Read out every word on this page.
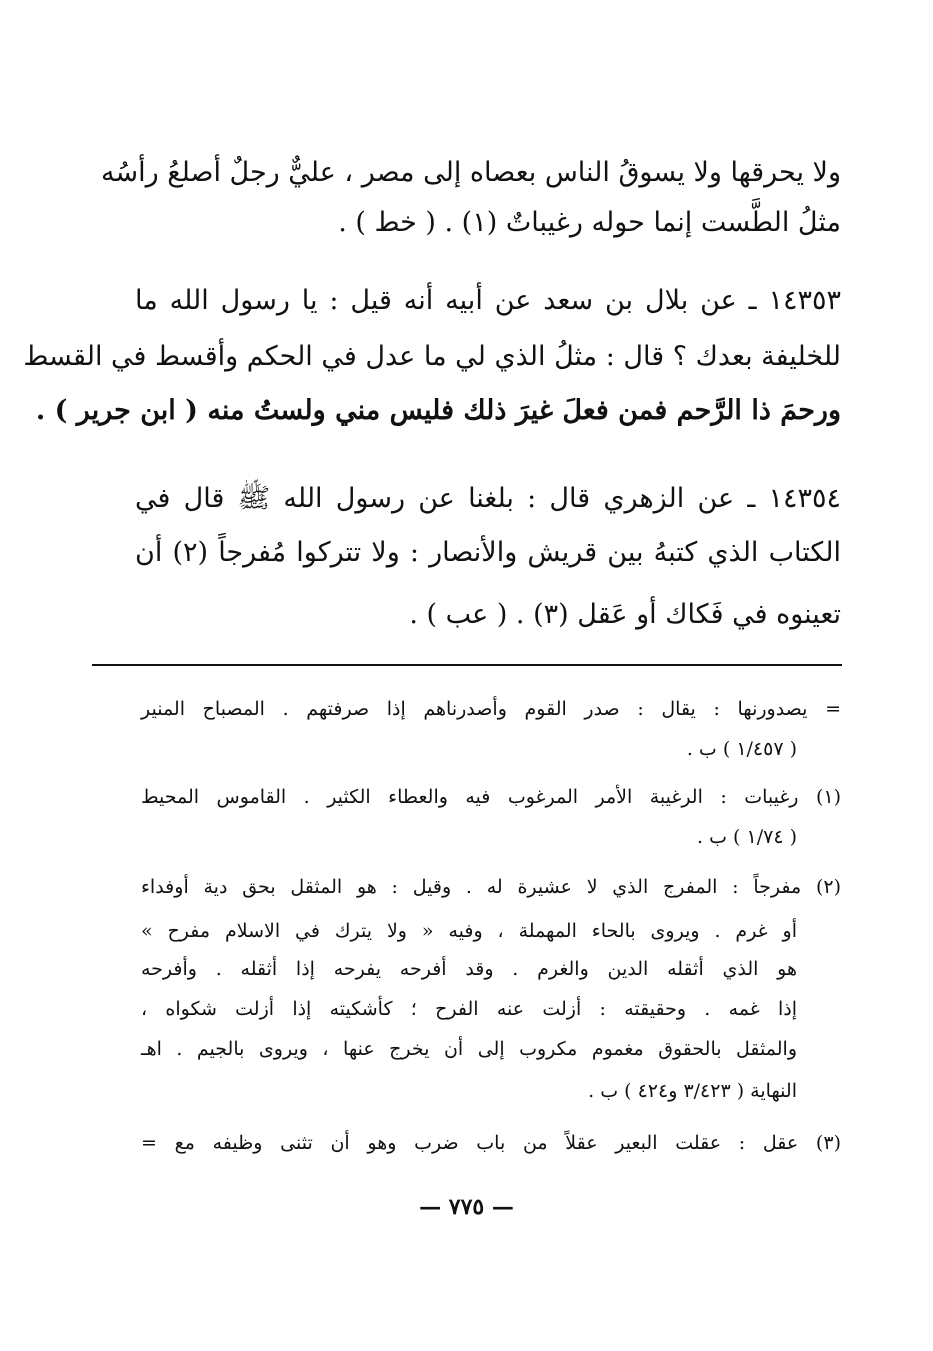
ولا يحرقها ولا يسوقُ الناس بعصاه إلى مصر ، عليٌّ رجلٌ أصلعُ رأسُه
مثلُ الطَّست إنما حوله رغيباتٌ (١) . ( خط ) .
١٤٣٥٣ ـ عن بلال بن سعد عن أبيه أنه قيل : يا رسول الله ما
للخليفة بعدك ؟ قال : مثلُ الذي لي ما عدل في الحكم وأقسط في القسط
ورحمَ ذا الرَّحم فمن فعلَ غيرَ ذلك فليس مني ولستُ منه ( ابن جرير ) .
١٤٣٥٤ ـ عن الزهري قال : بلغنا عن رسول الله ﷺ قال في
الكتاب الذي كتبهُ بين قريش والأنصار : ولا تتركوا مُفرجاً (٢) أن
تعينوه في فَكاك أو عَقل (٣) . ( عب ) .
= يصدورنها : يقال : صدر القوم وأصدرناهم إذا صرفتهم . المصباح المنير
( ١/٤٥٧ ) ب .
(١) رغيبات : الرغيبة الأمر المرغوب فيه والعطاء الكثير . القاموس المحيط
( ١/٧٤ ) ب .
(٢) مفرجاً : المفرج الذي لا عشيرة له . وقيل : هو المثقل بحق دية أوفداء
أو غرم . ويروى بالحاء المهملة ، وفيه « ولا يترك في الاسلام مفرح »
هو الذي أثقله الدين والغرم . وقد أفرحه يفرحه إذا أثقله . وأفرحه
إذا غمه . وحقيقته : أزلت عنه الفرح ؛ كأشكيته إذا أزلت شكواه ،
والمثقل بالحقوق مغموم مكروب إلى أن يخرج عنها ، ويروى بالجيم . اهـ
النهاية ( ٣/٤٢٣ و٤٢٤ ) ب .
(٣) عقل : عقلت البعير عقلاً من باب ضرب وهو أن تثنى وظيفه مع =
— ٧٧٥ —
